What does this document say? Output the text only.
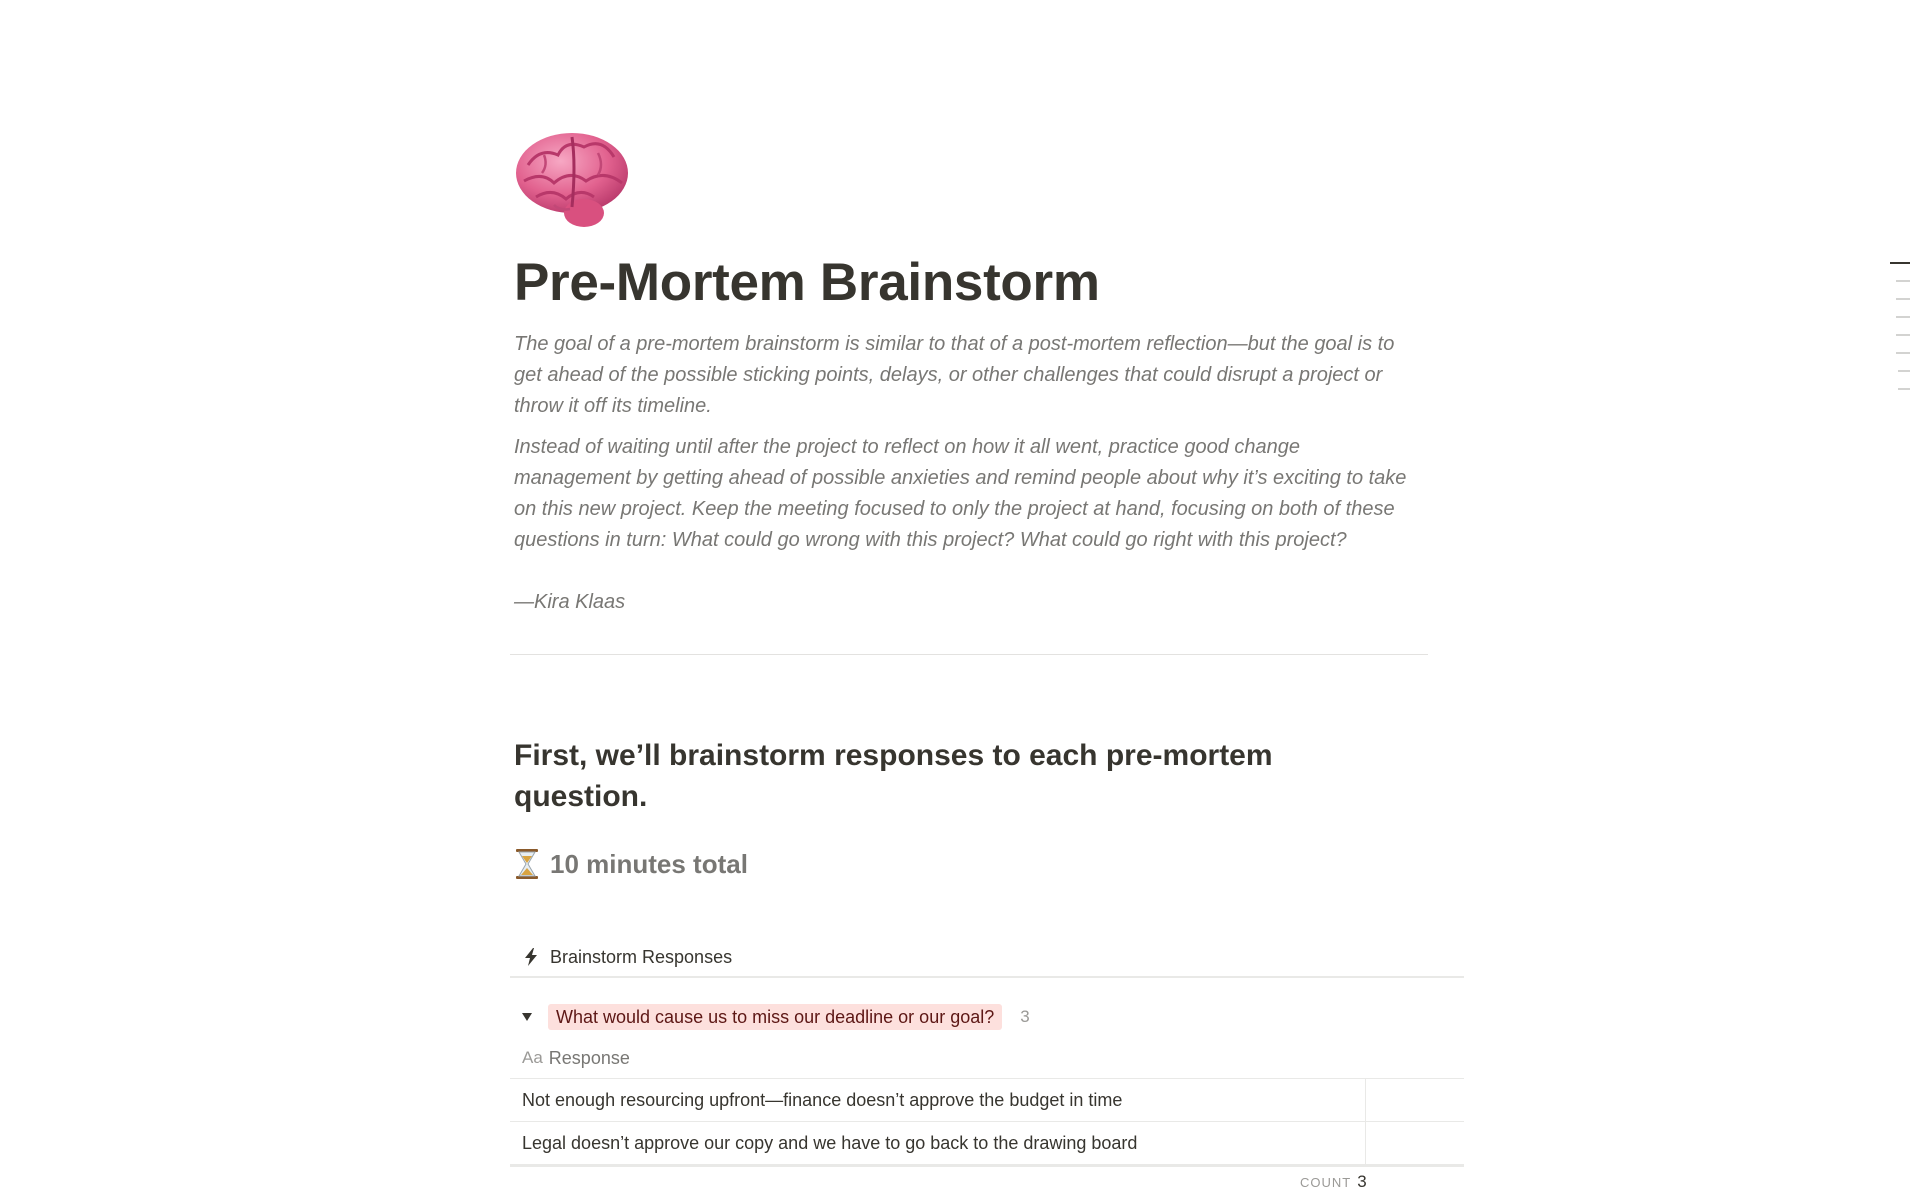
Pre-Mortem Brainstorm

The goal of a pre-mortem brainstorm is similar to that of a post-mortem reflection—but the goal is to get ahead of the possible sticking points, delays, or other challenges that could disrupt a project or throw it off its timeline.

Instead of waiting until after the project to reflect on how it all went, practice good change management by getting ahead of possible anxieties and remind people about why it’s exciting to take on this new project. Keep the meeting focused to only the project at hand, focusing on both of these questions in turn: What could go wrong with this project? What could go right with this project?

—Kira Klaas
First, we’ll brainstorm responses to each pre-mortem question.
10 minutes total
Brainstorm Responses
What would cause us to miss our deadline or our goal?	3
Aa Response
Not enough resourcing upfront—finance doesn’t approve the budget in time
Legal doesn’t approve our copy and we have to go back to the drawing board
COUNT 3
